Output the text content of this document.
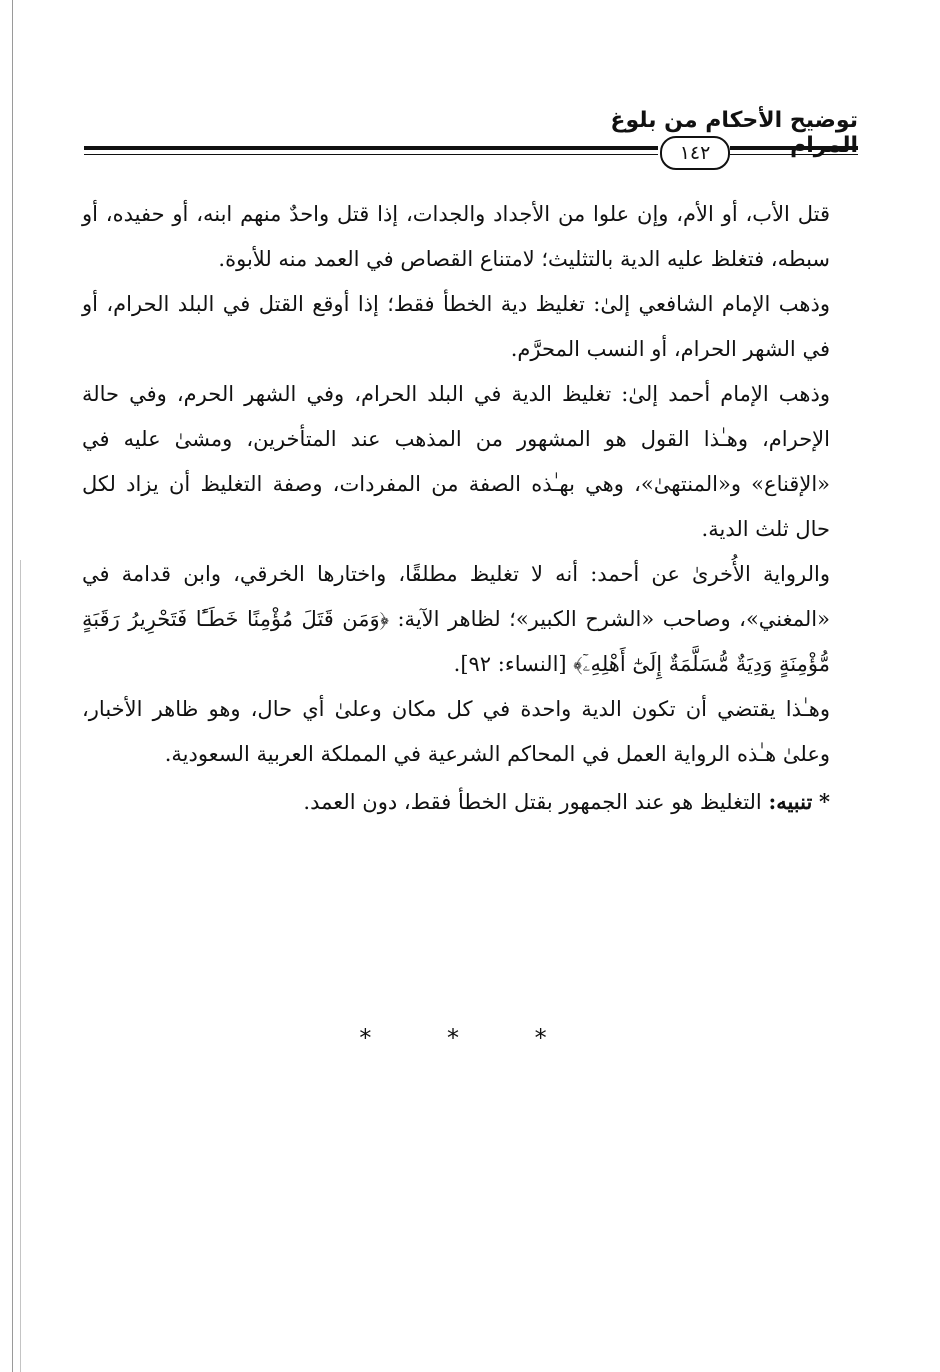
توضيح الأحكام من بلوغ
١٤٢

قتل الأب، أو الأم، وإن علوا من الأجداد والجدات، إذا قتل واحدٌ منهم ابنه، أو حفيده، أو سبطه، فتغلظ عليه الدية بالتثليث؛ لامتناع القصاص في العمد منه للأبوة.

وذهب الإمام الشافعي إلىٰ: تغليظ دية الخطأ فقط؛ إذا أوقع القتل في البلد الحرام، أو في الشهر الحرام، أو النسب المحرَّم.

وذهب الإمام أحمد إلىٰ: تغليظ الدية في البلد الحرام، وفي الشهر الحرم، وفي حالة الإحرام، وهـٰذا القول هو المشهور من المذهب عند المتأخرين، ومشىٰ عليه في «الإقناع» و«المنتهىٰ»، وهي بهـٰذه الصفة من المفردات، وصفة التغليظ أن يزاد لكل حال ثلث الدية.

والرواية الأُخرىٰ عن أحمد: أنه لا تغليظ مطلقًا، واختارها الخرقي، وابن قدامة في «المغني»، وصاحب «الشرح الكبير»؛ لظاهر الآية: ﴿وَمَن قَتَلَ مُؤْمِنًا خَطَـًٔا فَتَحْرِيرُ رَقَبَةٍ مُّؤْمِنَةٍ وَدِيَةٌ مُّسَلَّمَةٌ إِلَىٰٓ أَهْلِهِۦٓ﴾ [النساء: ٩٢].

وهـٰذا يقتضي أن تكون الدية واحدة في كل مكان وعلىٰ أي حال، وهو ظاهر الأخبار، وعلىٰ هـٰذه الرواية العمل في المحاكم الشرعية في المملكة العربية السعودية.

* تنبيه: التغليظ هو عند الجمهور بقتل الخطأ فقط، دون العمد.
* * *
